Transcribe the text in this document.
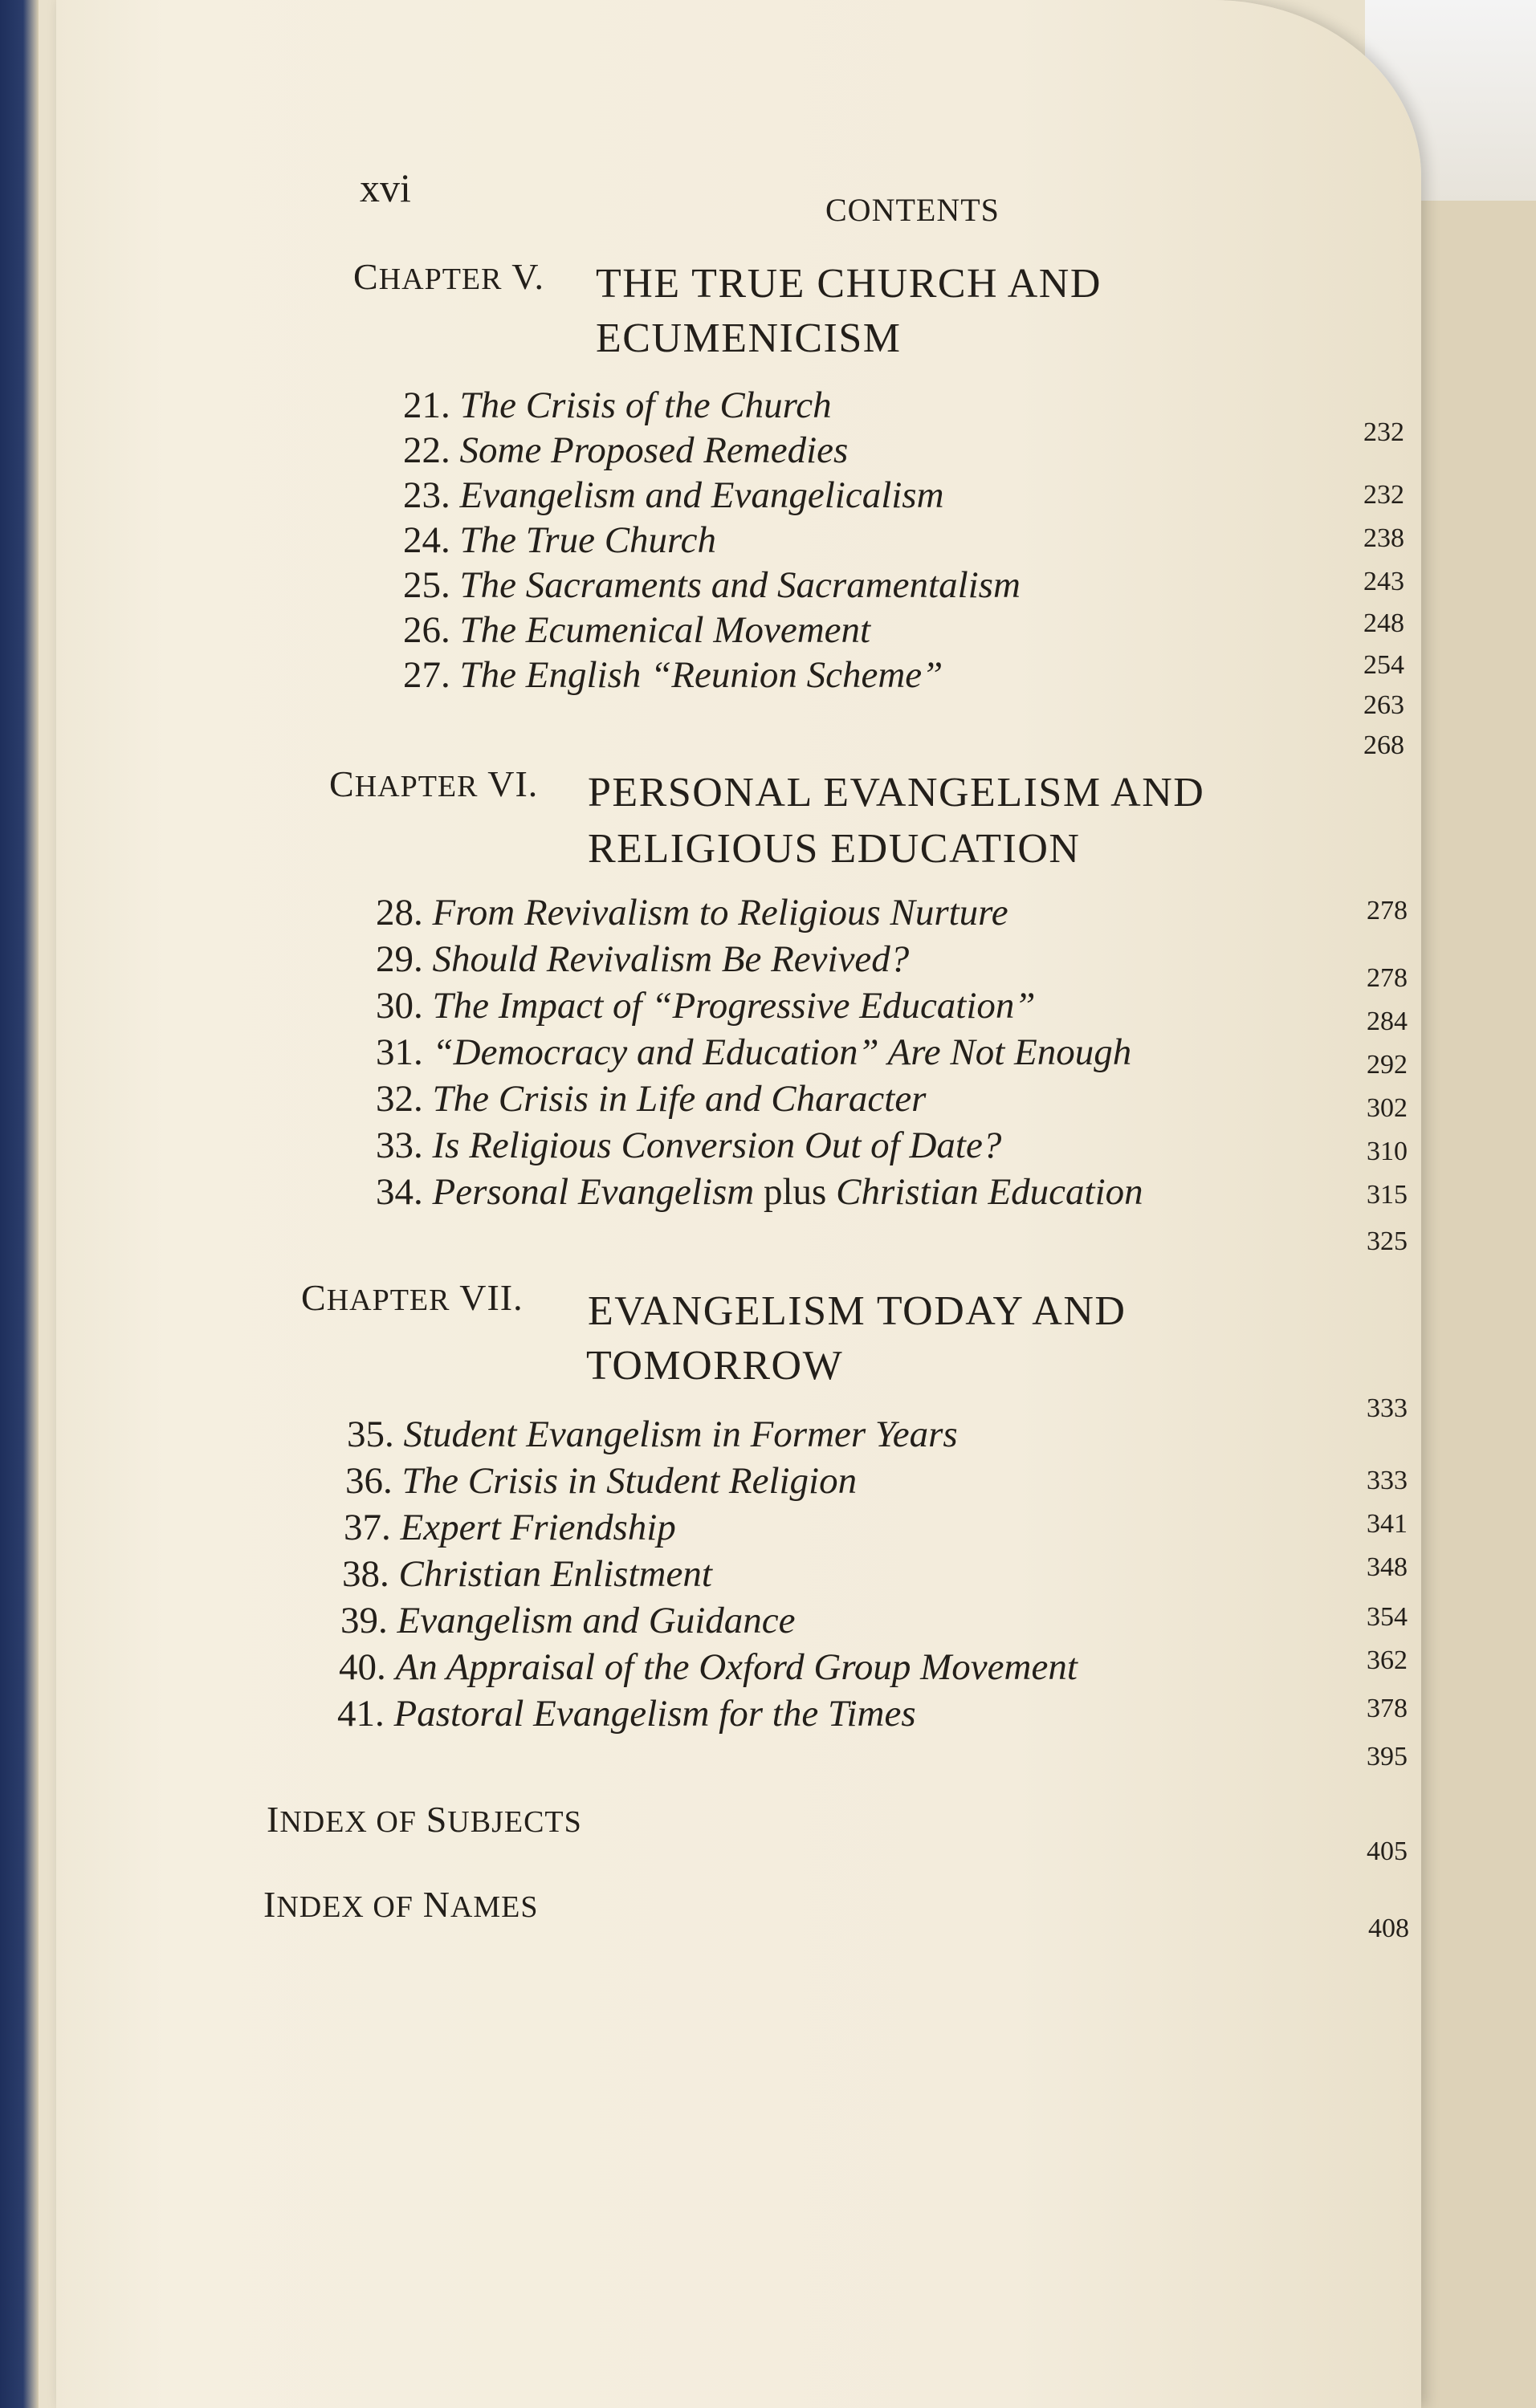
xvi	CONTENTS
CHAPTER V. THE TRUE CHURCH AND
ECUMENICISM
21. The Crisis of the Church
22. Some Proposed Remedies
23. Evangelism and Evangelicalism
24. The True Church
25. The Sacraments and Sacramentalism
26. The Ecumenical Movement
27. The English “Reunion Scheme”
232
232
238
243
248
254
263
268
CHAPTER VI. PERSONAL EVANGELISM AND
RELIGIOUS EDUCATION
28. From Revivalism to Religious Nurture
29. Should Revivalism Be Revived?
30. The Impact of “Progressive Education”
31. “Democracy and Education” Are Not Enough
32. The Crisis in Life and Character
33. Is Religious Conversion Out of Date?
34. Personal Evangelism plus Christian Education
278
278
284
292
302
310
315
325
CHAPTER VII. EVANGELISM TODAY AND
TOMORROW
35. Student Evangelism in Former Years
36. The Crisis in Student Religion
37. Expert Friendship
38. Christian Enlistment
39. Evangelism and Guidance
40. An Appraisal of the Oxford Group Movement
41. Pastoral Evangelism for the Times
333
333
341
348
354
362
378
395
INDEX OF SUBJECTS
405
INDEX OF NAMES
408
